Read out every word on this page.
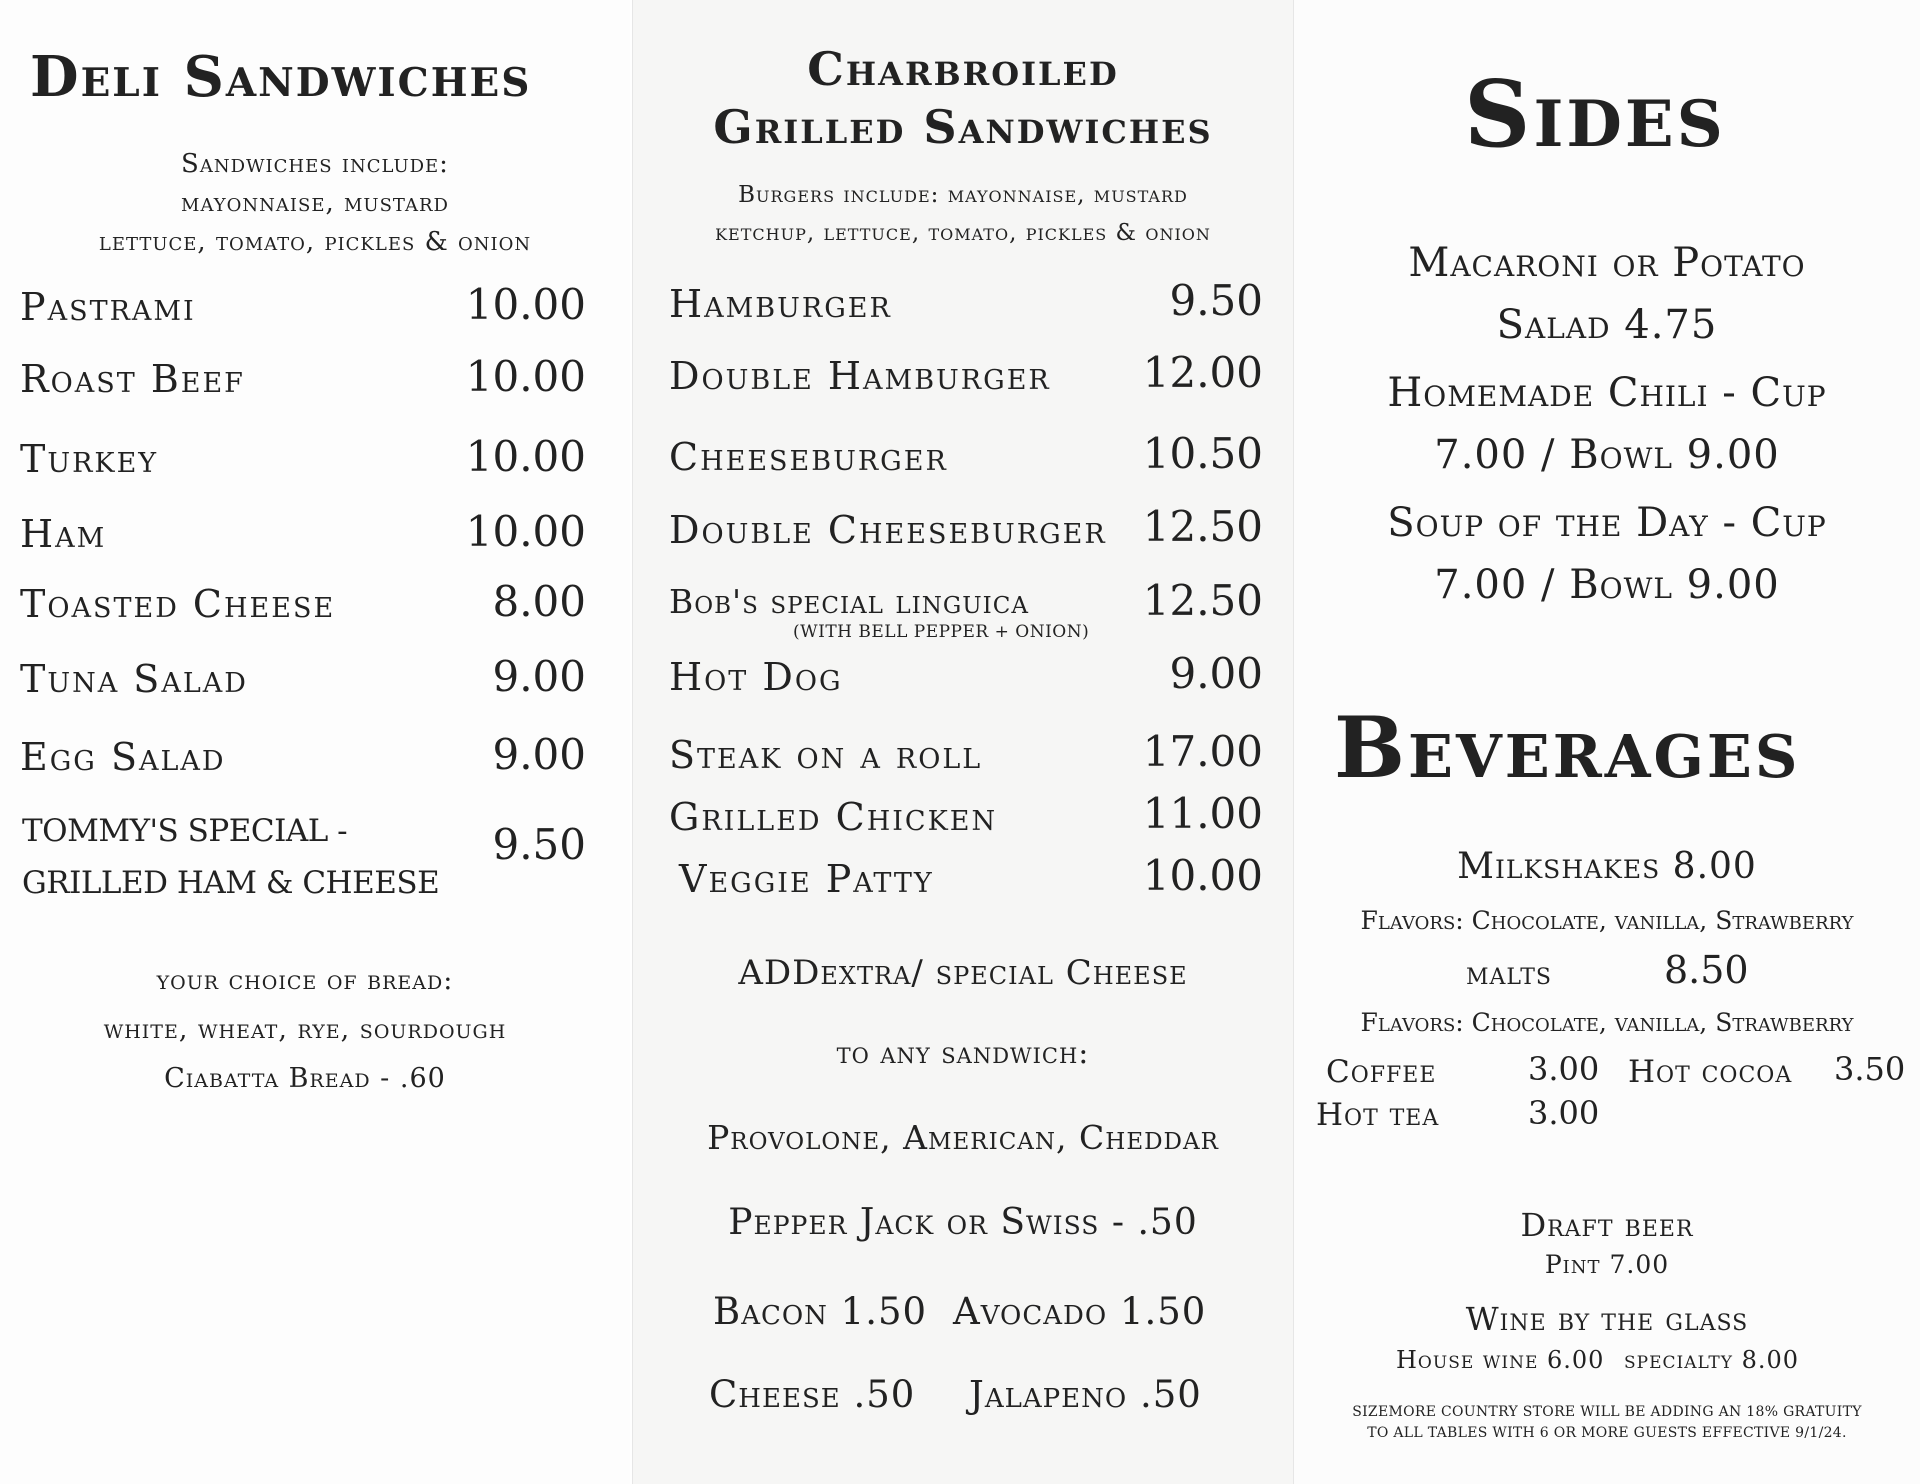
Deli Sandwiches
Sandwiches include:
mayonnaise, mustard
lettuce, tomato, pickles & onion
Pastrami	10.00
Roast Beef	10.00
Turkey	10.00
Ham	10.00
Toasted Cheese	8.00
Tuna Salad	9.00
Egg Salad	9.00
TOMMY'S SPECIAL -
GRILLED HAM & CHEESE
9.50
your choice of bread:
white, wheat, rye, sourdough
Ciabatta Bread - .60
Charbroiled
Grilled Sandwiches
Burgers include: mayonnaise, mustard
ketchup, lettuce, tomato, pickles & onion
Hamburger	9.50
Double Hamburger	12.00
Cheeseburger	10.50
Double Cheeseburger 12.50
Bob's special linguica
(WITH BELL PEPPER + ONION)
12.50
Hot Dog	9.00
Steak on a roll	17.00
Grilled Chicken	11.00
Veggie Patty	10.00
ADDextra/ special Cheese
to any sandwich:
Provolone, American, Cheddar
Pepper Jack or Swiss - .50
Bacon 1.50 Avocado 1.50
Cheese .50 Jalapeno .50
Sides
Macaroni or Potato
Salad 4.75
Homemade Chili - Cup
7.00 / Bowl 9.00
Soup of the Day - Cup
7.00 / Bowl 9.00
Beverages
Milkshakes 8.00
Flavors: Chocolate, vanilla, Strawberry
malts	8.50
Flavors: Chocolate, vanilla, Strawberry
Coffee	3.00 Hot cocoa 3.50
Hot tea	3.00
Draft beer
Pint 7.00
Wine by the glass
House wine 6.00 specialty 8.00
SIZEMORE COUNTRY STORE WILL BE ADDING AN 18% GRATUITY
TO ALL TABLES WITH 6 OR MORE GUESTS EFFECTIVE 9/1/24.
